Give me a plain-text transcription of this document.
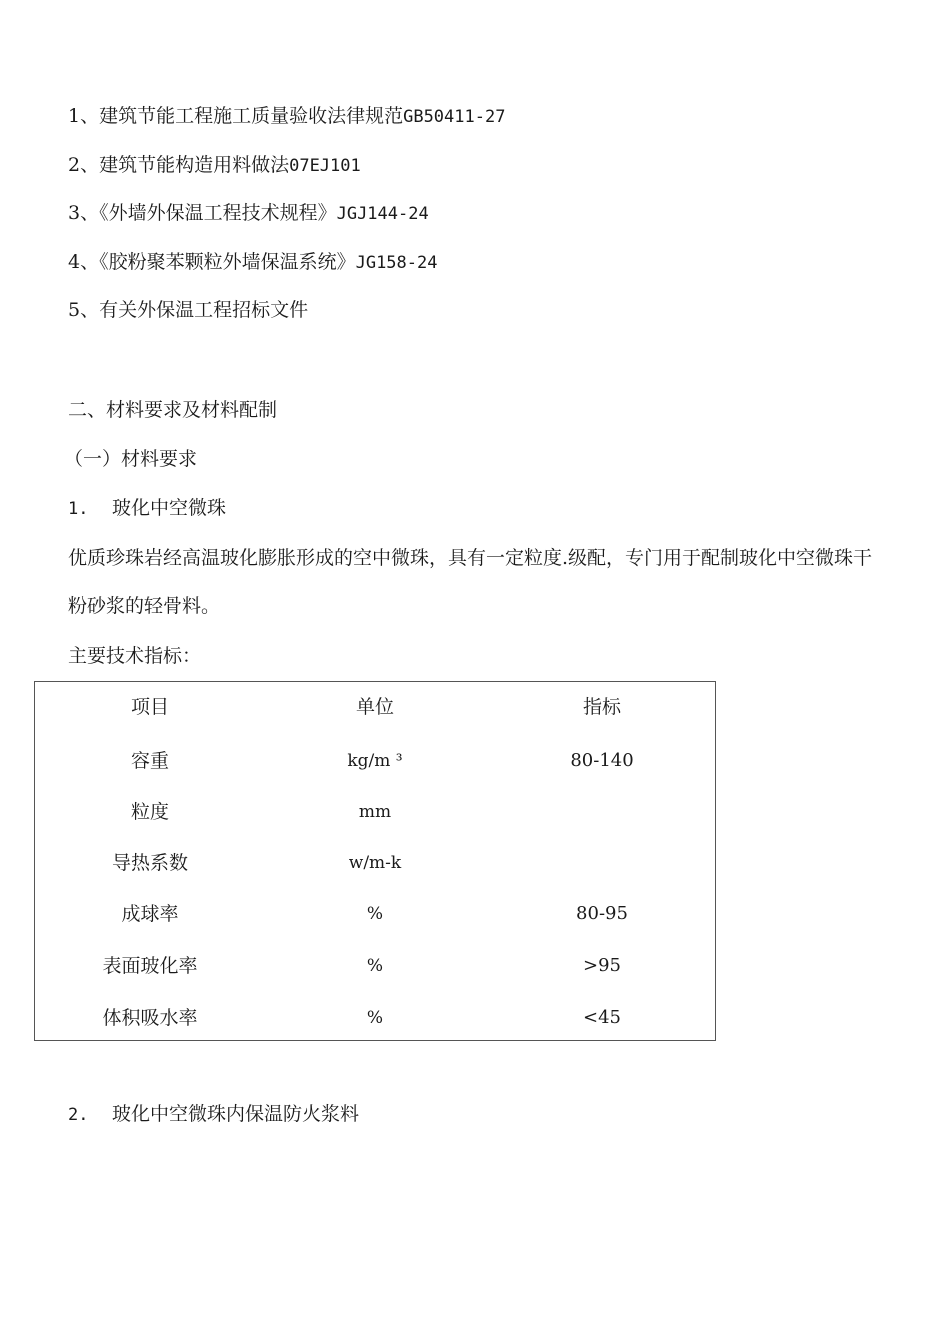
1、建筑节能工程施工质量验收法律规范GB50411-27

2、建筑节能构造用料做法07EJ101

3、《外墙外保温工程技术规程》JGJ144-24

4、《胶粉聚苯颗粒外墙保温系统》JG158-24

5、有关外保温工程招标文件

二、材料要求及材料配制

（一）材料要求

1. 玻化中空微珠

优质珍珠岩经高温玻化膨胀形成的空中微珠，具有一定粒度.级配，专门用于配制玻化中空微珠干粉砂浆的轻骨料。

主要技术指标：

项目	单位	指标
容重	kg/m ³	80-140
粒度	mm
导热系数	w/m-k
成球率	%	80-95
表面玻化率	%	>95
体积吸水率	%	<45

2. 玻化中空微珠内保温防火浆料
